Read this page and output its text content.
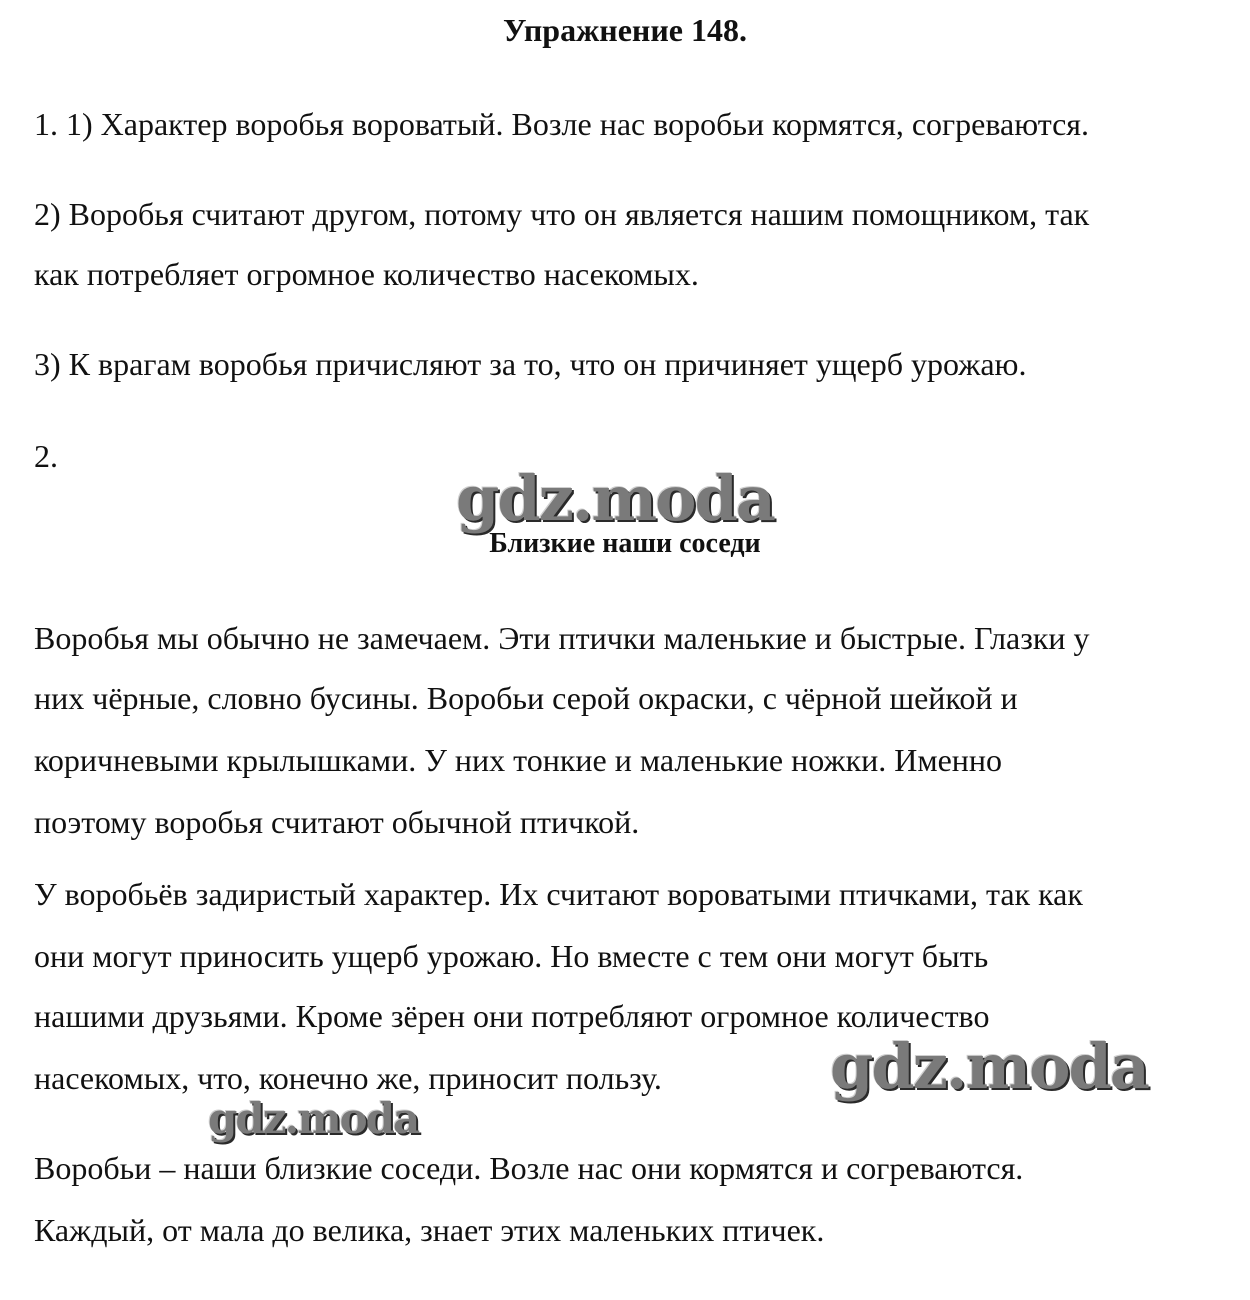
Упражнение 148.
1. 1) Характер воробья вороватый. Возле нас воробьи кормятся, согреваются.
2) Воробья считают другом, потому что он является нашим помощником, так
как потребляет огромное количество насекомых.
3) К врагам воробья причисляют за то, что он причиняет ущерб урожаю.
2.
gdz.moda
Близкие наши соседи
Воробья мы обычно не замечаем. Эти птички маленькие и быстрые. Глазки у
них чёрные, словно бусины. Воробьи серой окраски, с чёрной шейкой и
коричневыми крылышками. У них тонкие и маленькие ножки. Именно
поэтому воробья считают обычной птичкой.
У воробьёв задиристый характер. Их считают вороватыми птичками, так как
они могут приносить ущерб урожаю. Но вместе с тем они могут быть
нашими друзьями. Кроме зёрен они потребляют огромное количество
насекомых, что, конечно же, приносит пользу.	gdz.moda
gdz.moda
Воробьи – наши близкие соседи. Возле нас они кормятся и согреваются.
Каждый, от мала до велика, знает этих маленьких птичек.
